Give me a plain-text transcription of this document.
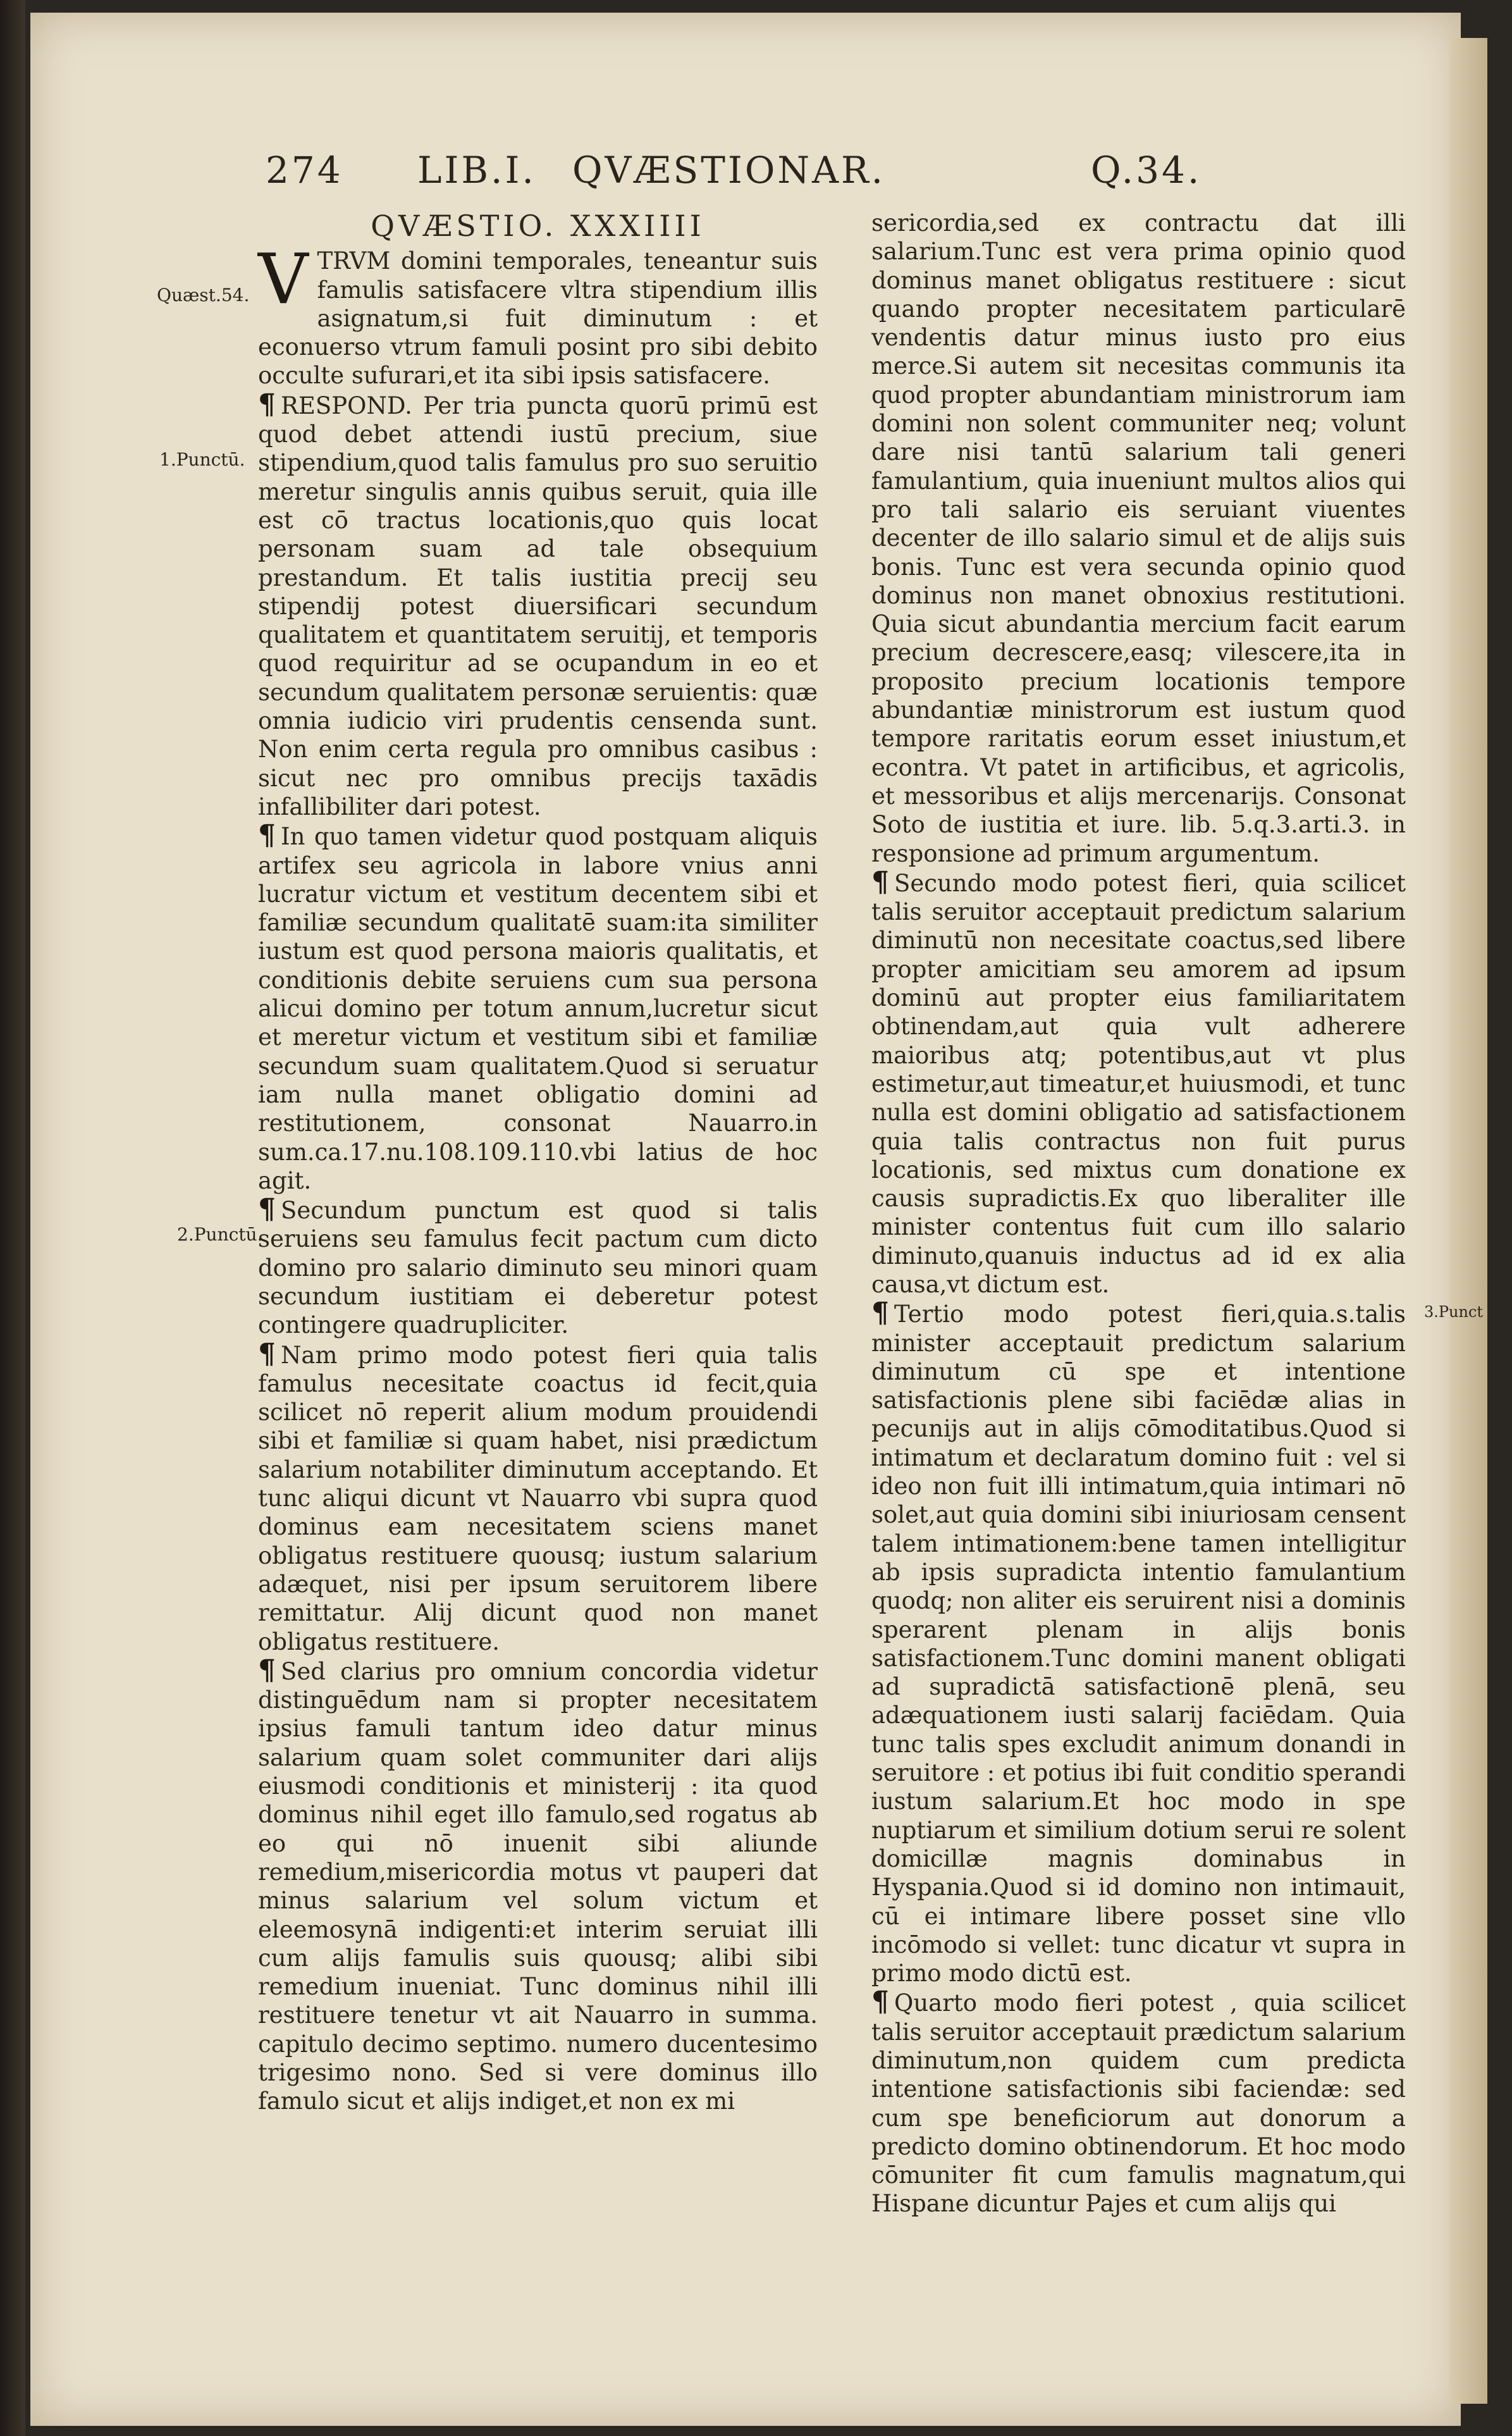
274 LIB.I. QVÆSTIONAR.	Q.34.
Quæst.54.
1.Punctū.
2.Punctū.
3.Punct

QVÆSTIO. XXXIIII

VTRVM domini temporales, teneantur suis famulis satisfacere vltra stipendium illis asignatum,si fuit diminutum : et econuerso vtrum famuli posint pro sibi debito occulte sufurari,et ita sibi ipsis satisfacere.

¶ RESPOND. Per tria puncta quorū primū est quod debet attendi iustū precium, siue stipendium,quod talis famulus pro suo seruitio meretur singulis annis quibus seruit, quia ille est cō tractus locationis,quo quis locat personam suam ad tale obsequium prestandum. Et talis iustitia precij seu stipendij potest diuersificari secundum qualitatem et quantitatem seruitij, et temporis quod requiritur ad se ocupandum in eo et secundum qualitatem personæ seruientis: quæ omnia iudicio viri prudentis censenda sunt. Non enim certa regula pro omnibus casibus : sicut nec pro omnibus precijs taxādis infallibiliter dari potest.

¶ In quo tamen videtur quod postquam aliquis artifex seu agricola in labore vnius anni lucratur victum et vestitum decentem sibi et familiæ secundum qualitatē suam:ita similiter iustum est quod persona maioris qualitatis, et conditionis debite seruiens cum sua persona alicui domino per totum annum,lucretur sicut et meretur victum et vestitum sibi et familiæ secundum suam qualitatem.Quod si seruatur iam nulla manet obligatio domini ad restitutionem, consonat Nauarro.in sum.ca.17.nu.108.109.110.vbi latius de hoc agit.

¶ Secundum punctum est quod si talis seruiens seu famulus fecit pactum cum dicto domino pro salario diminuto seu minori quam secundum iustitiam ei deberetur potest contingere quadrupliciter.

¶ Nam primo modo potest fieri quia talis famulus necesitate coactus id fecit,quia scilicet nō reperit alium modum prouidendi sibi et familiæ si quam habet, nisi prædictum salarium notabiliter diminutum acceptando. Et tunc aliqui dicunt vt Nauarro vbi supra quod dominus eam necesitatem sciens manet obligatus restituere quousq; iustum salarium adæquet, nisi per ipsum seruitorem libere remittatur. Alij dicunt quod non manet obligatus restituere.

¶ Sed clarius pro omnium concordia videtur distinguēdum nam si propter necesitatem ipsius famuli tantum ideo datur minus salarium quam solet communiter dari alijs eiusmodi conditionis et ministerij : ita quod dominus nihil eget illo famulo,sed rogatus ab eo qui nō inuenit sibi aliunde remedium,misericordia motus vt pauperi dat minus salarium vel solum victum et eleemosynā indigenti:et interim seruiat illi cum alijs famulis suis quousq; alibi sibi remedium inueniat. Tunc dominus nihil illi restituere tenetur vt ait Nauarro in summa. capitulo decimo septimo. numero ducentesimo trigesimo nono. Sed si vere dominus illo famulo sicut et alijs indiget,et non ex mi

sericordia,sed ex contractu dat illi salarium.Tunc est vera prima opinio quod dominus manet obligatus restituere : sicut quando propter necesitatem particularē vendentis datur minus iusto pro eius merce.Si autem sit necesitas communis ita quod propter abundantiam ministrorum iam domini non solent communiter neq; volunt dare nisi tantū salarium tali generi famulantium, quia inueniunt multos alios qui pro tali salario eis seruiant viuentes decenter de illo salario simul et de alijs suis bonis. Tunc est vera secunda opinio quod dominus non manet obnoxius restitutioni. Quia sicut abundantia mercium facit earum precium decrescere,easq; vilescere,ita in proposito precium locationis tempore abundantiæ ministrorum est iustum quod tempore raritatis eorum esset iniustum,et econtra. Vt patet in artificibus, et agricolis, et messoribus et alijs mercenarijs. Consonat Soto de iustitia et iure. lib. 5.q.3.arti.3. in responsione ad primum argumentum.

¶ Secundo modo potest fieri, quia scilicet talis seruitor acceptauit predictum salarium diminutū non necesitate coactus,sed libere propter amicitiam seu amorem ad ipsum dominū aut propter eius familiaritatem obtinendam,aut quia vult adherere maioribus atq; potentibus,aut vt plus estimetur,aut timeatur,et huiusmodi, et tunc nulla est domini obligatio ad satisfactionem quia talis contractus non fuit purus locationis, sed mixtus cum donatione ex causis supradictis.Ex quo liberaliter ille minister contentus fuit cum illo salario diminuto,quanuis inductus ad id ex alia causa,vt dictum est.

¶ Tertio modo potest fieri,quia.s.talis minister acceptauit predictum salarium diminutum cū spe et intentione satisfactionis plene sibi faciēdæ alias in pecunijs aut in alijs cōmoditatibus.Quod si intimatum et declaratum domino fuit : vel si ideo non fuit illi intimatum,quia intimari nō solet,aut quia domini sibi iniuriosam censent talem intimationem:bene tamen intelligitur ab ipsis supradicta intentio famulantium quodq; non aliter eis seruirent nisi a dominis sperarent plenam in alijs bonis satisfactionem.Tunc domini manent obligati ad supradictā satisfactionē plenā, seu adæquationem iusti salarij faciēdam. Quia tunc talis spes excludit animum donandi in seruitore : et potius ibi fuit conditio sperandi iustum salarium.Et hoc modo in spe nuptiarum et similium dotium serui re solent domicillæ magnis dominabus in Hyspania.Quod si id domino non intimauit, cū ei intimare libere posset sine vllo incōmodo si vellet: tunc dicatur vt supra in primo modo dictū est.

¶ Quarto modo fieri potest , quia scilicet talis seruitor acceptauit prædictum salarium diminutum,non quidem cum predicta intentione satisfactionis sibi faciendæ: sed cum spe beneficiorum aut donorum a predicto domino obtinendorum. Et hoc modo cōmuniter fit cum famulis magnatum,qui Hispane dicuntur Pajes et cum alijs qui
